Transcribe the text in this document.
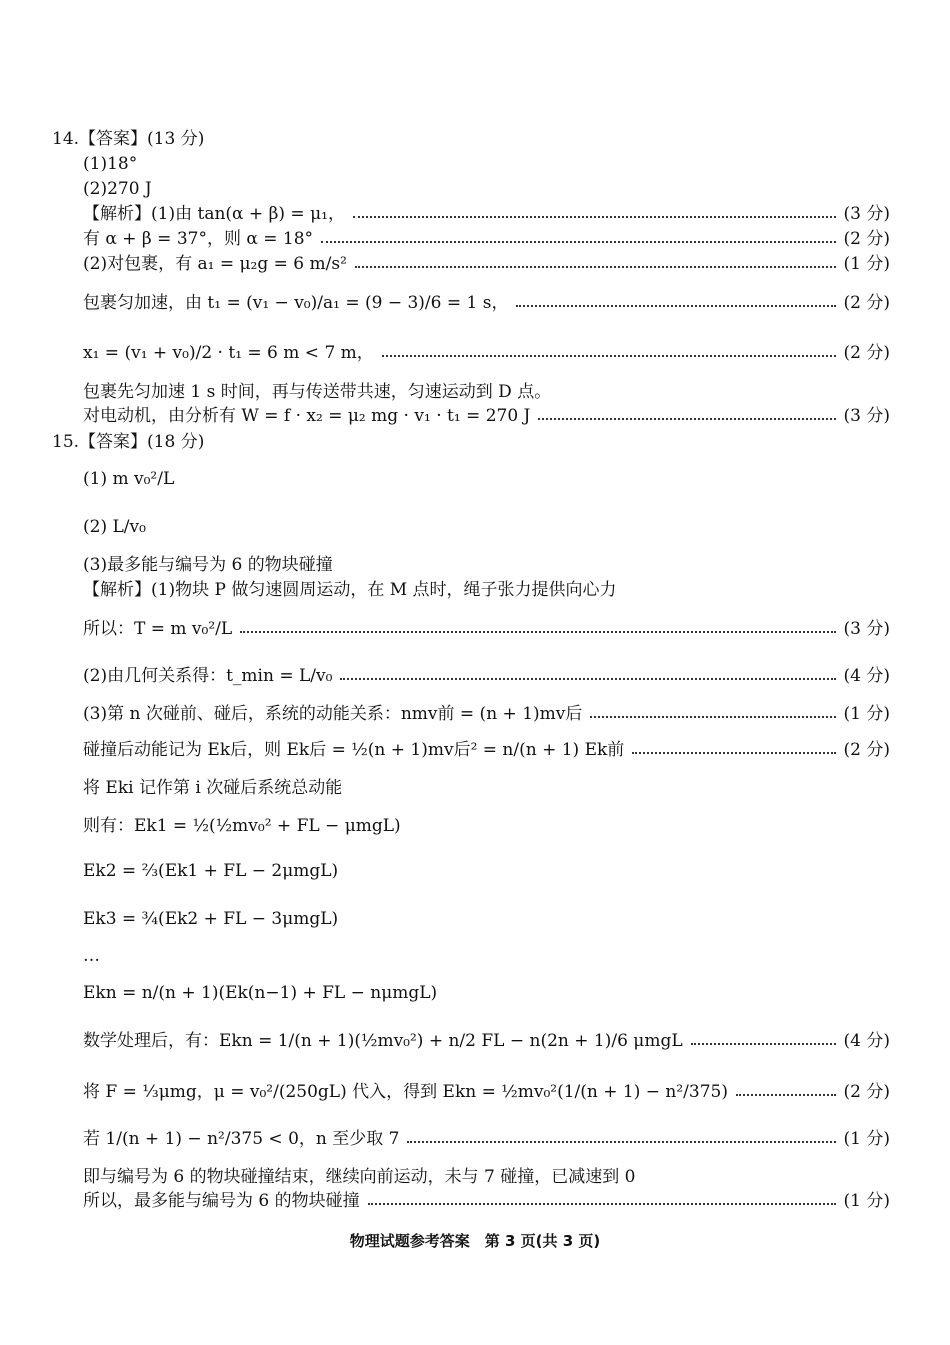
14.【答案】(13 分)
(1)18°
(2)270 J
【解析】(1)由 tan(α + β) = μ₁，	(3 分)
有 α + β = 37°，则 α = 18°	(2 分)
(2)对包裹，有 a₁ = μ₂g = 6 m/s²	(1 分)
包裹匀加速，由 t₁ = (v₁ − v₀)/a₁ = (9 − 3)/6 = 1 s，	(2 分)
x₁ = (v₁ + v₀)/2 · t₁ = 6 m < 7 m，	(2 分)
包裹先匀加速 1 s 时间，再与传送带共速，匀速运动到 D 点。
对电动机，由分析有 W = f · x₂ = μ₂ mg · v₁ · t₁ = 270 J	(3 分)
15.【答案】(18 分)
(1) m v₀²/L
(2) L/v₀
(3)最多能与编号为 6 的物块碰撞
【解析】(1)物块 P 做匀速圆周运动，在 M 点时，绳子张力提供向心力
所以：T = m v₀²/L	(3 分)
(2)由几何关系得：t_min = L/v₀	(4 分)
(3)第 n 次碰前、碰后，系统的动能关系：nmv前 = (n + 1)mv后	(1 分)
碰撞后动能记为 Ek后，则 Ek后 = ½(n + 1)mv后² = n/(n + 1) Ek前	(2 分)
将 Eki 记作第 i 次碰后系统总动能
则有：Ek1 = ½(½mv₀² + FL − μmgL)
Ek2 = ⅔(Ek1 + FL − 2μmgL)
Ek3 = ¾(Ek2 + FL − 3μmgL)
…
Ekn = n/(n + 1)(Ek(n−1) + FL − nμmgL)
数学处理后，有：Ekn = 1/(n + 1)(½mv₀²) + n/2 FL − n(2n + 1)/6 μmgL	(4 分)
将 F = ⅓μmg，μ = v₀²/(250gL) 代入，得到 Ekn = ½mv₀²(1/(n + 1) − n²/375)	(2 分)
若 1/(n + 1) − n²/375 < 0，n 至少取 7	(1 分)
即与编号为 6 的物块碰撞结束，继续向前运动，未与 7 碰撞，已减速到 0
所以，最多能与编号为 6 的物块碰撞	(1 分)
物理试题参考答案　第 3 页(共 3 页)
